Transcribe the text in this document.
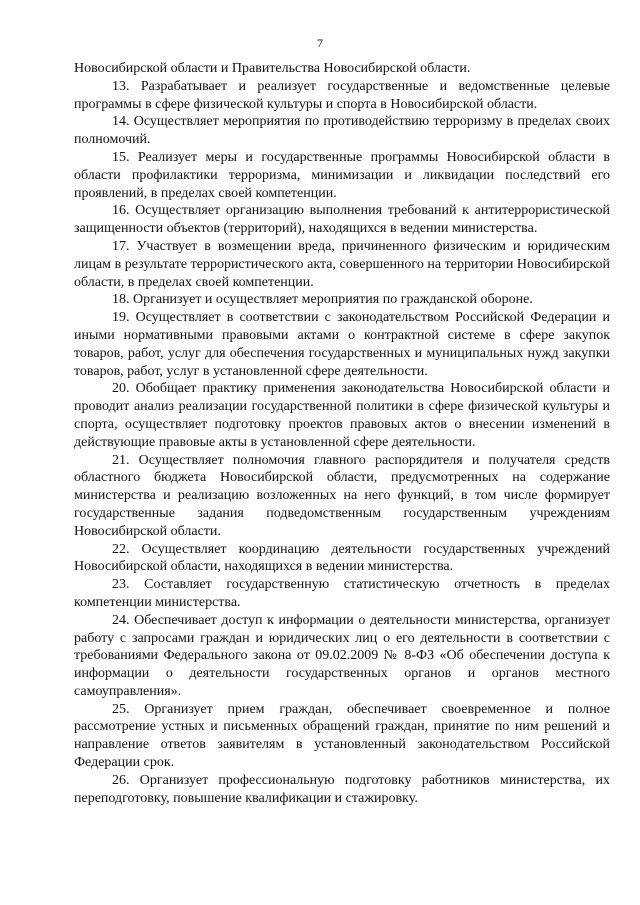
7

Новосибирской области и Правительства Новосибирской области.

13. Разрабатывает и реализует государственные и ведомственные целевые программы в сфере физической культуры и спорта в Новосибирской области.

14. Осуществляет мероприятия по противодействию терроризму в пределах своих полномочий.

15. Реализует меры и государственные программы Новосибирской области в области профилактики терроризма, минимизации и ликвидации последствий его проявлений, в пределах своей компетенции.

16. Осуществляет организацию выполнения требований к антитеррористической защищенности объектов (территорий), находящихся в ведении министерства.

17. Участвует в возмещении вреда, причиненного физическим и юридическим лицам в результате террористического акта, совершенного на территории Новосибирской области, в пределах своей компетенции.

18. Организует и осуществляет мероприятия по гражданской обороне.

19. Осуществляет в соответствии с законодательством Российской Федерации и иными нормативными правовыми актами о контрактной системе в сфере закупок товаров, работ, услуг для обеспечения государственных и муниципальных нужд закупки товаров, работ, услуг в установленной сфере деятельности.

20. Обобщает практику применения законодательства Новосибирской области и проводит анализ реализации государственной политики в сфере физической культуры и спорта, осуществляет подготовку проектов правовых актов о внесении изменений в действующие правовые акты в установленной сфере деятельности.

21. Осуществляет полномочия главного распорядителя и получателя средств областного бюджета Новосибирской области, предусмотренных на содержание министерства и реализацию возложенных на него функций, в том числе формирует государственные задания подведомственным государственным учреждениям Новосибирской области.

22. Осуществляет координацию деятельности государственных учреждений Новосибирской области, находящихся в ведении министерства.

23. Составляет государственную статистическую отчетность в пределах компетенции министерства.

24. Обеспечивает доступ к информации о деятельности министерства, организует работу с запросами граждан и юридических лиц о его деятельности в соответствии с требованиями Федерального закона от 09.02.2009 № 8-ФЗ «Об обеспечении доступа к информации о деятельности государственных органов и органов местного самоуправления».

25. Организует прием граждан, обеспечивает своевременное и полное рассмотрение устных и письменных обращений граждан, принятие по ним решений и направление ответов заявителям в установленный законодательством Российской Федерации срок.

26. Организует профессиональную подготовку работников министерства, их переподготовку, повышение квалификации и стажировку.
